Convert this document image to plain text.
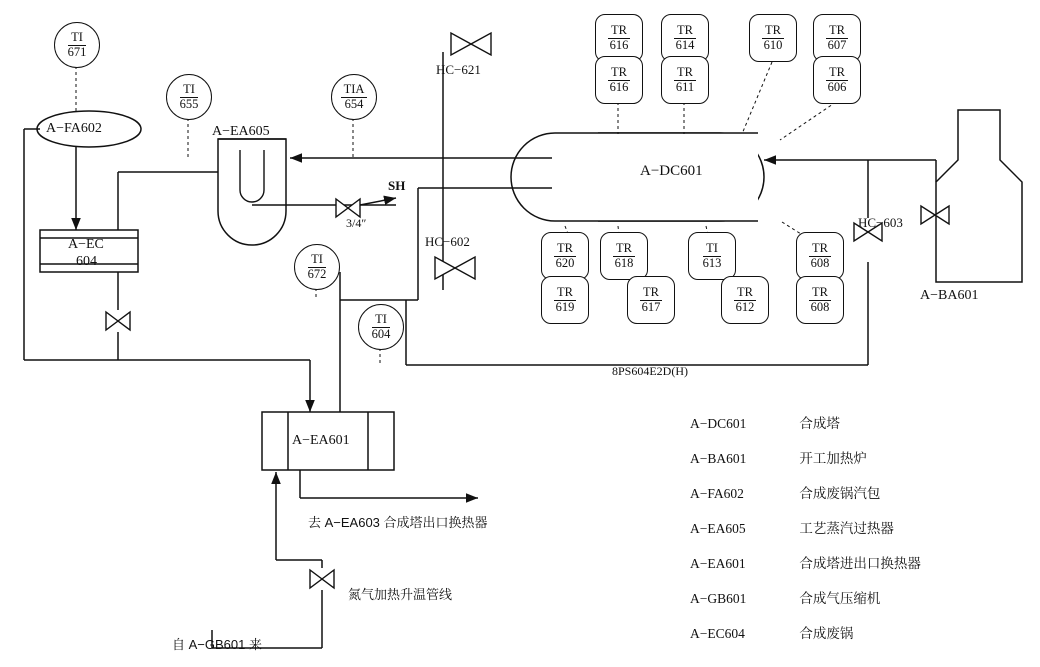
A−DC601
A−BA601
A−FA602	A−EA605
A−EA601
A−EC
604
TI
671
TI
655
TIA
654
TI
672
TI
604
TR
616
TR
616
TR
614
TR
611
TR
610
TR
607
TR
606
TR
620
TR
619
TR
618
TR
617
TI
613
TR
612
TR
608
TR
608
HC−621
HC−602
HC−603
SH
3/4″
8PS604E2D(H)
去 A−EA603 合成塔出口换热器
氮气加热升温管线
自 A−GB601 来
A−DC601	合成塔
A−BA601	开工加热炉
A−FA602	合成废锅汽包
A−EA605	工艺蒸汽过热器
A−EA601	合成塔进出口换热器
A−GB601	合成气压缩机
A−EC604	合成废锅
